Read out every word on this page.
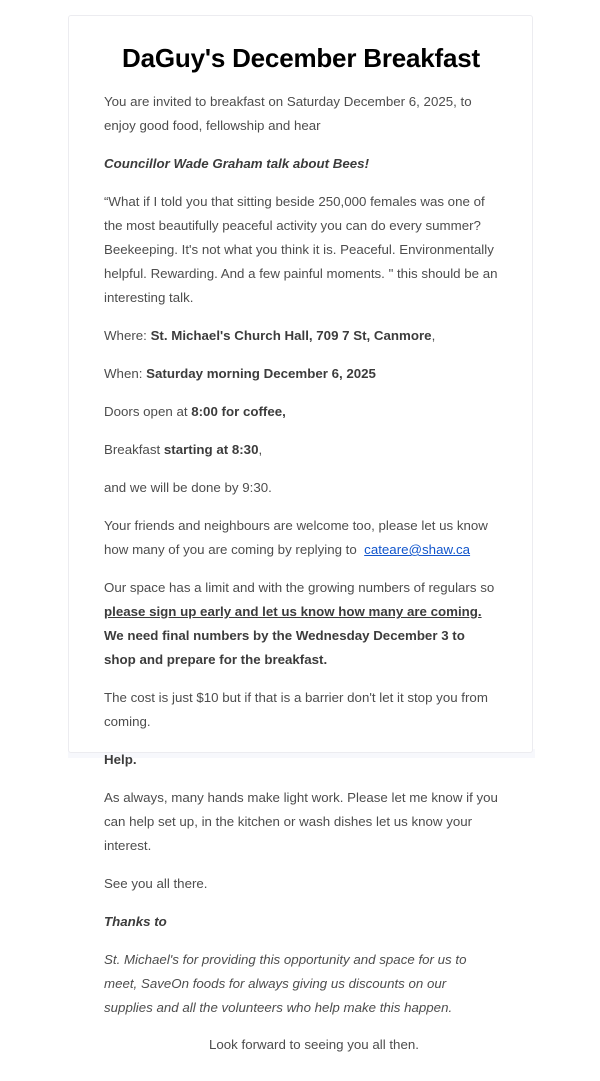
DaGuy's December Breakfast

You are invited to breakfast on Saturday December 6, 2025, to enjoy good food, fellowship and hear

Councillor Wade Graham talk about Bees!

“What if I told you that sitting beside 250,000 females was one of the most beautifully peaceful activity you can do every summer? Beekeeping. It's not what you think it is. Peaceful. Environmentally helpful. Rewarding. And a few painful moments. " this should be an interesting talk.

Where: St. Michael's Church Hall, 709 7 St, Canmore,

When: Saturday morning December 6, 2025

Doors open at 8:00 for coffee,

Breakfast starting at 8:30,

and we will be done by 9:30.

Your friends and neighbours are welcome too, please let us know how many of you are coming by replying to cateare@shaw.ca

Our space has a limit and with the growing numbers of regulars so please sign up early and let us know how many are coming. We need final numbers by the Wednesday December 3 to shop and prepare for the breakfast.

The cost is just $10 but if that is a barrier don't let it stop you from coming.

Help.

As always, many hands make light work. Please let me know if you can help set up, in the kitchen or wash dishes let us know your interest.

See you all there.

Thanks to

St. Michael's for providing this opportunity and space for us to meet, SaveOn foods for always giving us discounts on our supplies and all the volunteers who help make this happen.

Look forward to seeing you all then.
